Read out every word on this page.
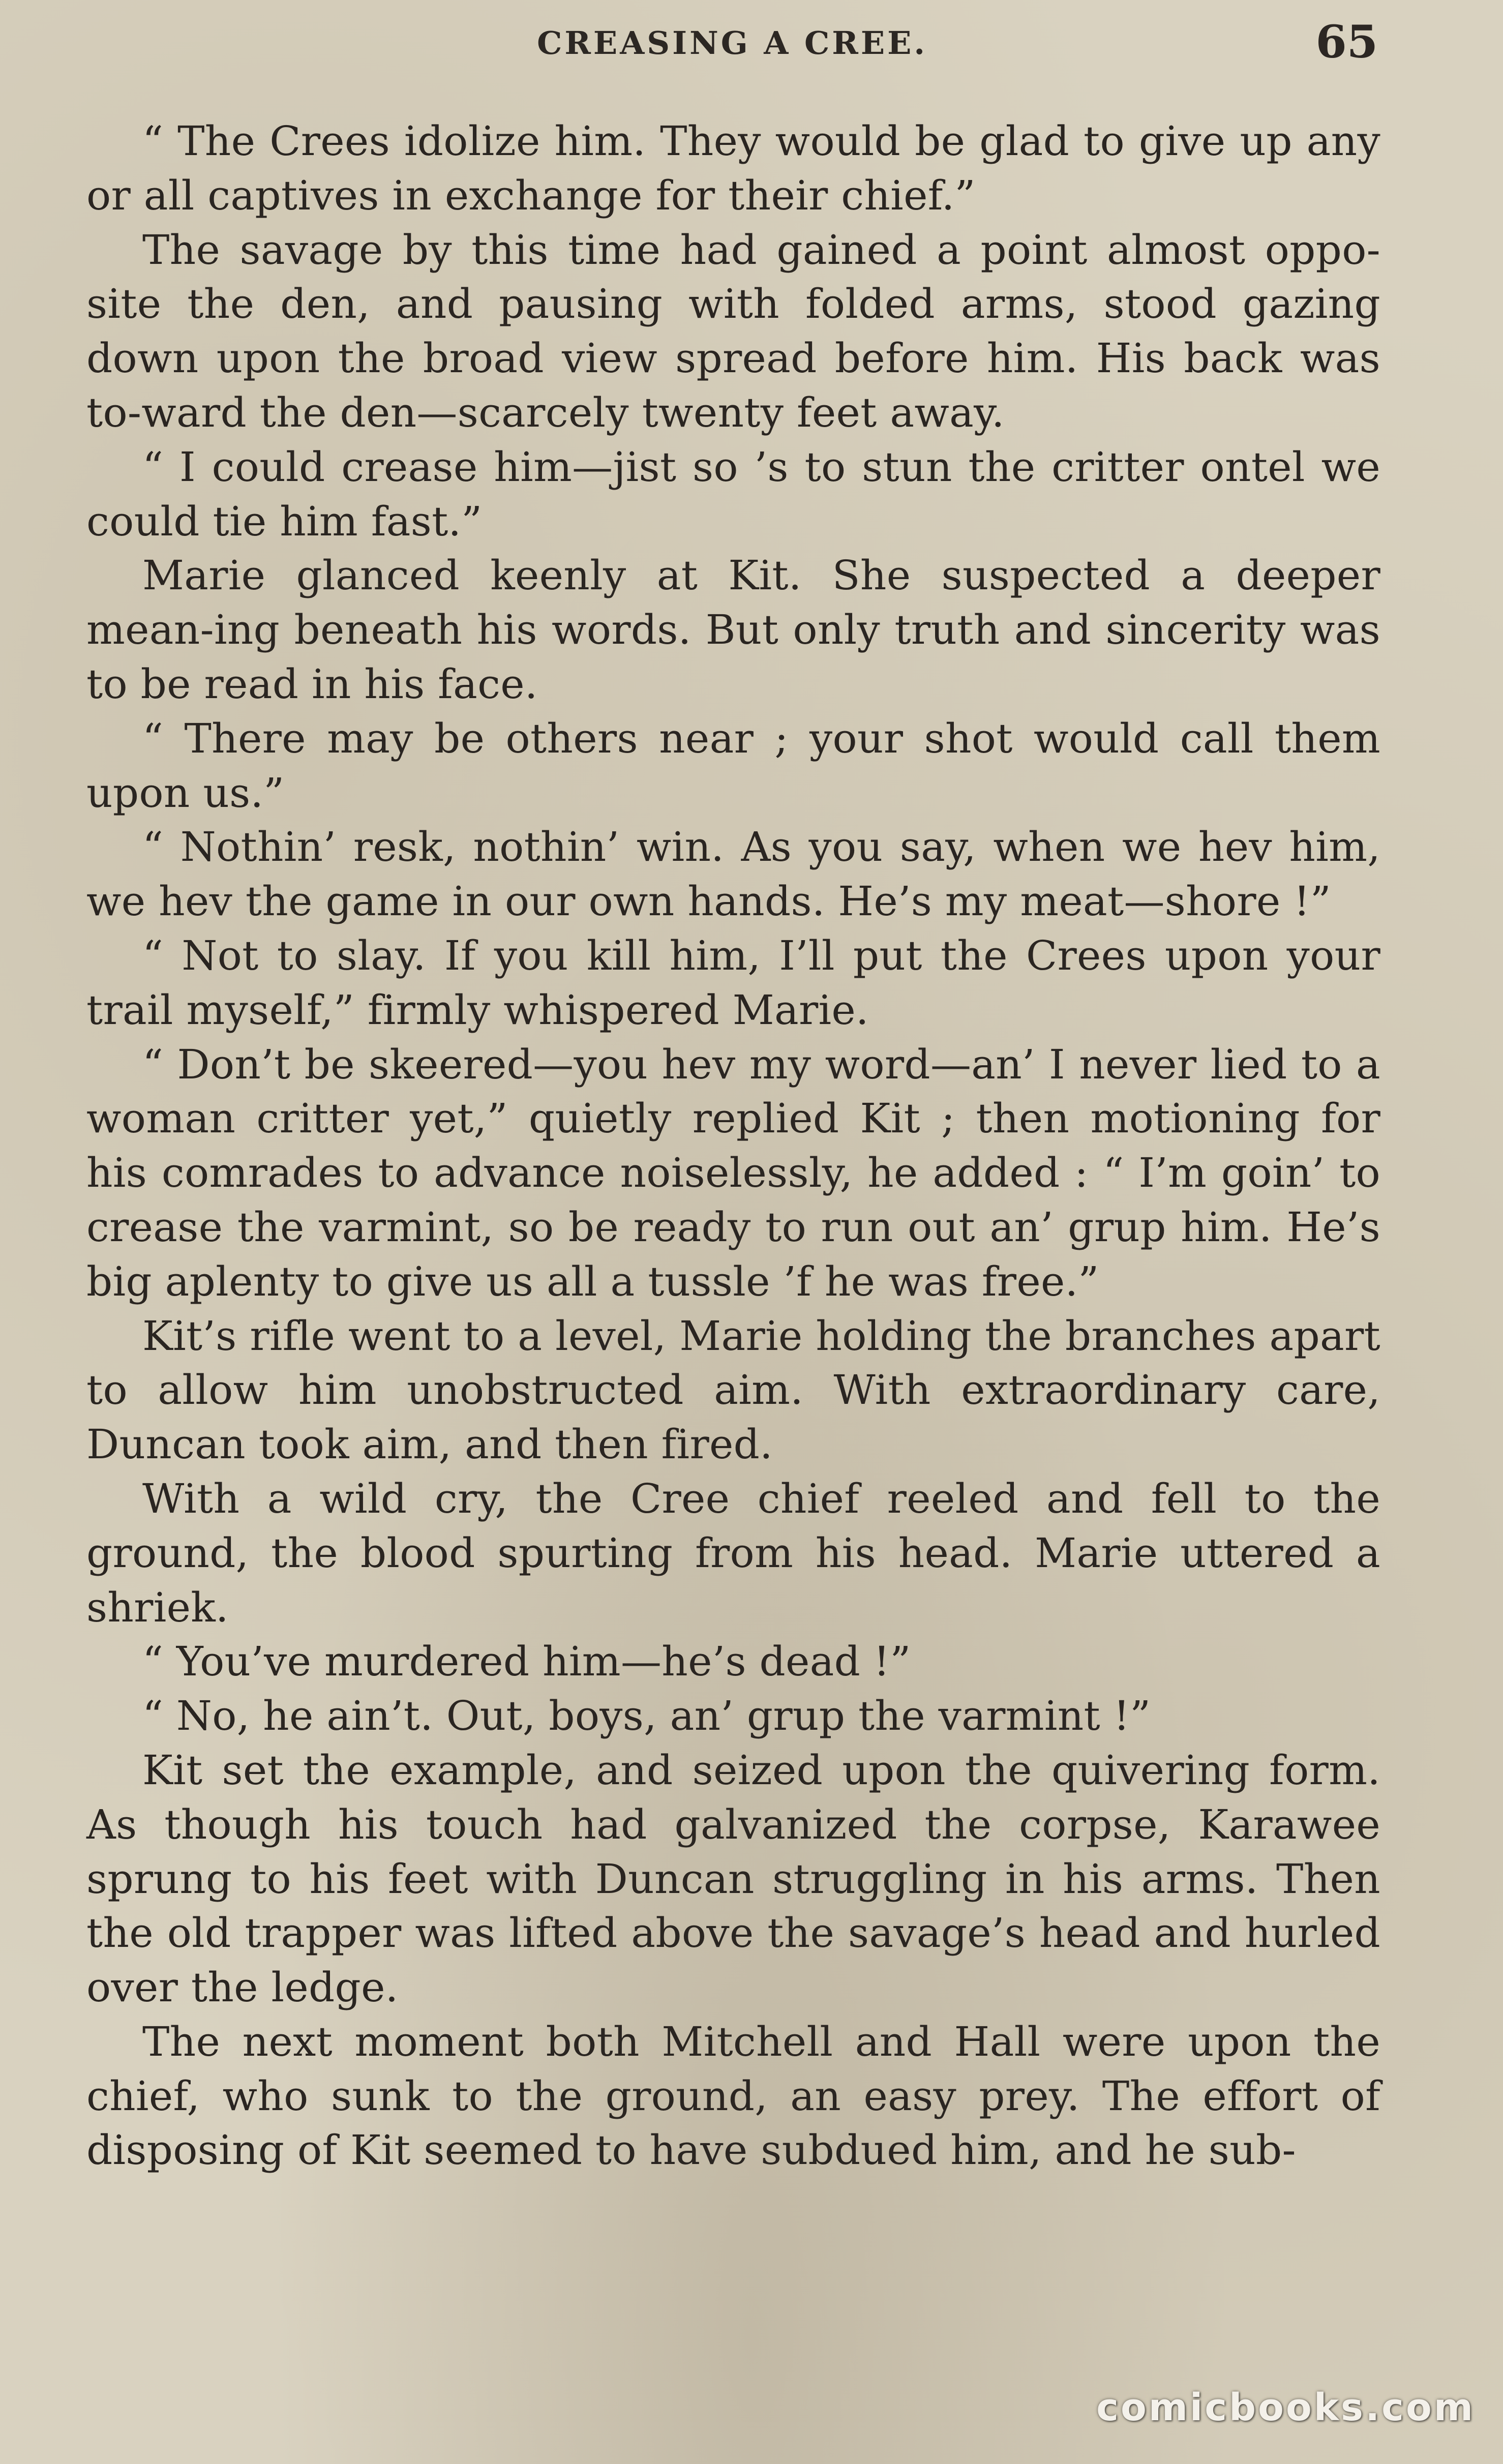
CREASING A CREE.	65

“ The Crees idolize him. They would be glad to give up any or all captives in exchange for their chief.”

The savage by this time had gained a point almost oppo-site the den, and pausing with folded arms, stood gazing down upon the broad view spread before him. His back was to-ward the den—scarcely twenty feet away.

“ I could crease him—jist so ’s to stun the critter ontel we could tie him fast.”

Marie glanced keenly at Kit. She suspected a deeper mean-ing beneath his words. But only truth and sincerity was to be read in his face.

“ There may be others near ; your shot would call them upon us.”

“ Nothin’ resk, nothin’ win. As you say, when we hev him, we hev the game in our own hands. He’s my meat—shore !”

“ Not to slay. If you kill him, I’ll put the Crees upon your trail myself,” firmly whispered Marie.

“ Don’t be skeered—you hev my word—an’ I never lied to a woman critter yet,” quietly replied Kit ; then motioning for his comrades to advance noiselessly, he added : “ I’m goin’ to crease the varmint, so be ready to run out an’ grup him. He’s big aplenty to give us all a tussle ’f he was free.”

Kit’s rifle went to a level, Marie holding the branches apart to allow him unobstructed aim. With extraordinary care, Duncan took aim, and then fired.

With a wild cry, the Cree chief reeled and fell to the ground, the blood spurting from his head. Marie uttered a shriek.

“ You’ve murdered him—he’s dead !”

“ No, he ain’t. Out, boys, an’ grup the varmint !”

Kit set the example, and seized upon the quivering form. As though his touch had galvanized the corpse, Karawee sprung to his feet with Duncan struggling in his arms. Then the old trapper was lifted above the savage’s head and hurled over the ledge.

The next moment both Mitchell and Hall were upon the chief, who sunk to the ground, an easy prey. The effort of disposing of Kit seemed to have subdued him, and he sub-

comicbooks.com
